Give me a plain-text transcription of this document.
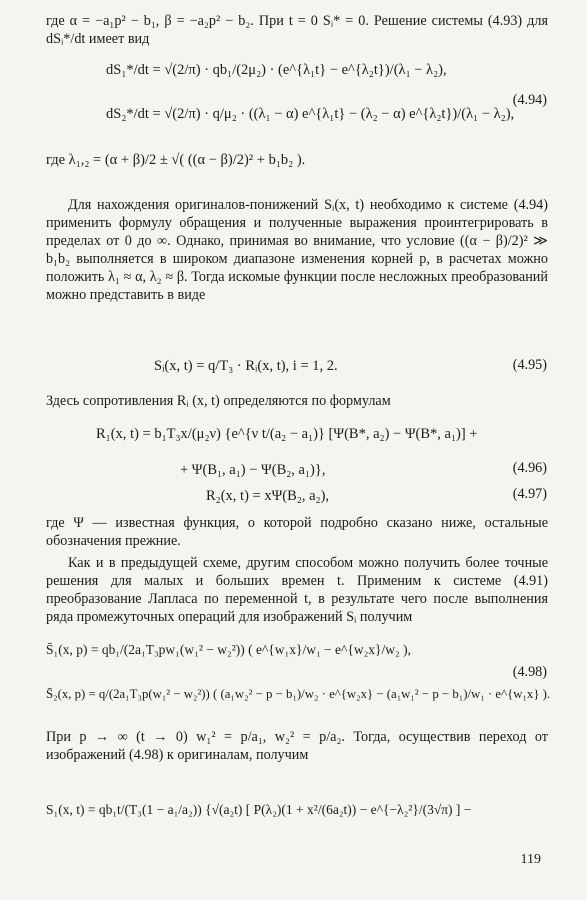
где α = −a₁p² − b₁, β = −a₂p² − b₂. При t = 0 Sᵢ* = 0. Решение системы (4.93) для dSᵢ*/dt имеет вид
dS₁*/dt = √(2/π) · qb₁/(2μ₂) · (e^{λ₁t} − e^{λ₂t})/(λ₁ − λ₂),
dS₂*/dt = √(2/π) · q/μ₂ · ((λ₁ − α) e^{λ₁t} − (λ₂ − α) e^{λ₂t})/(λ₁ − λ₂),
(4.94)
где λ₁,₂ = (α + β)/2 ± √( ((α − β)/2)² + b₁b₂ ).
Для нахождения оригиналов-понижений Sᵢ(x, t) необходимо к системе (4.94) применить формулу обращения и полученные выражения проинтегрировать в пределах от 0 до ∞. Однако, принимая во внимание, что условие ((α − β)/2)² ≫ b₁b₂ выполняется в широком диапазоне изменения корней p, в расчетах можно положить λ₁ ≈ α, λ₂ ≈ β. Тогда искомые функции после несложных преобразований можно представить в виде
Sᵢ(x, t) = q/T₃ · Rᵢ(x, t), i = 1, 2.	(4.95)
Здесь сопротивления Rᵢ (x, t) определяются по формулам
R₁(x, t) = b₁T₃x/(μ₂ν) {e^{ν t/(a₂ − a₁)} [Ψ(B*, a₂) − Ψ(B*, a₁)] +
+ Ψ(B₁, a₁) − Ψ(B₂, a₁)},	(4.96)
R₂(x, t) = xΨ(B₂, a₂),	(4.97)
где Ψ — известная функция, о которой подробно сказано ниже, остальные обозначения прежние.
Как и в предыдущей схеме, другим способом можно получить более точные решения для малых и больших времен t. Применим к системе (4.91) преобразование Лапласа по переменной t, в результате чего после выполнения ряда промежуточных операций для изображений Sᵢ получим
S̄₁(x, p) = qb₁/(2a₁T₃pw₁(w₁² − w₂²)) ( e^{w₁x}/w₁ − e^{w₂x}/w₂ ),
S̄₂(x, p) = q/(2a₁T₃p(w₁² − w₂²)) ( (a₁w₂² − p − b₁)/w₂ · e^{w₂x} − (a₁w₁² − p − b₁)/w₁ · e^{w₁x} ).
(4.98)
При p → ∞ (t → 0) w₁² = p/a₁, w₂² = p/a₂. Тогда, осуществив переход от изображений (4.98) к оригиналам, получим
S₁(x, t) = qb₁t/(T₃(1 − a₁/a₂)) {√(a₂t) [ P(λ₂)(1 + x²/(6a₂t)) − e^{−λ₂²}/(3√π) ] −
119
